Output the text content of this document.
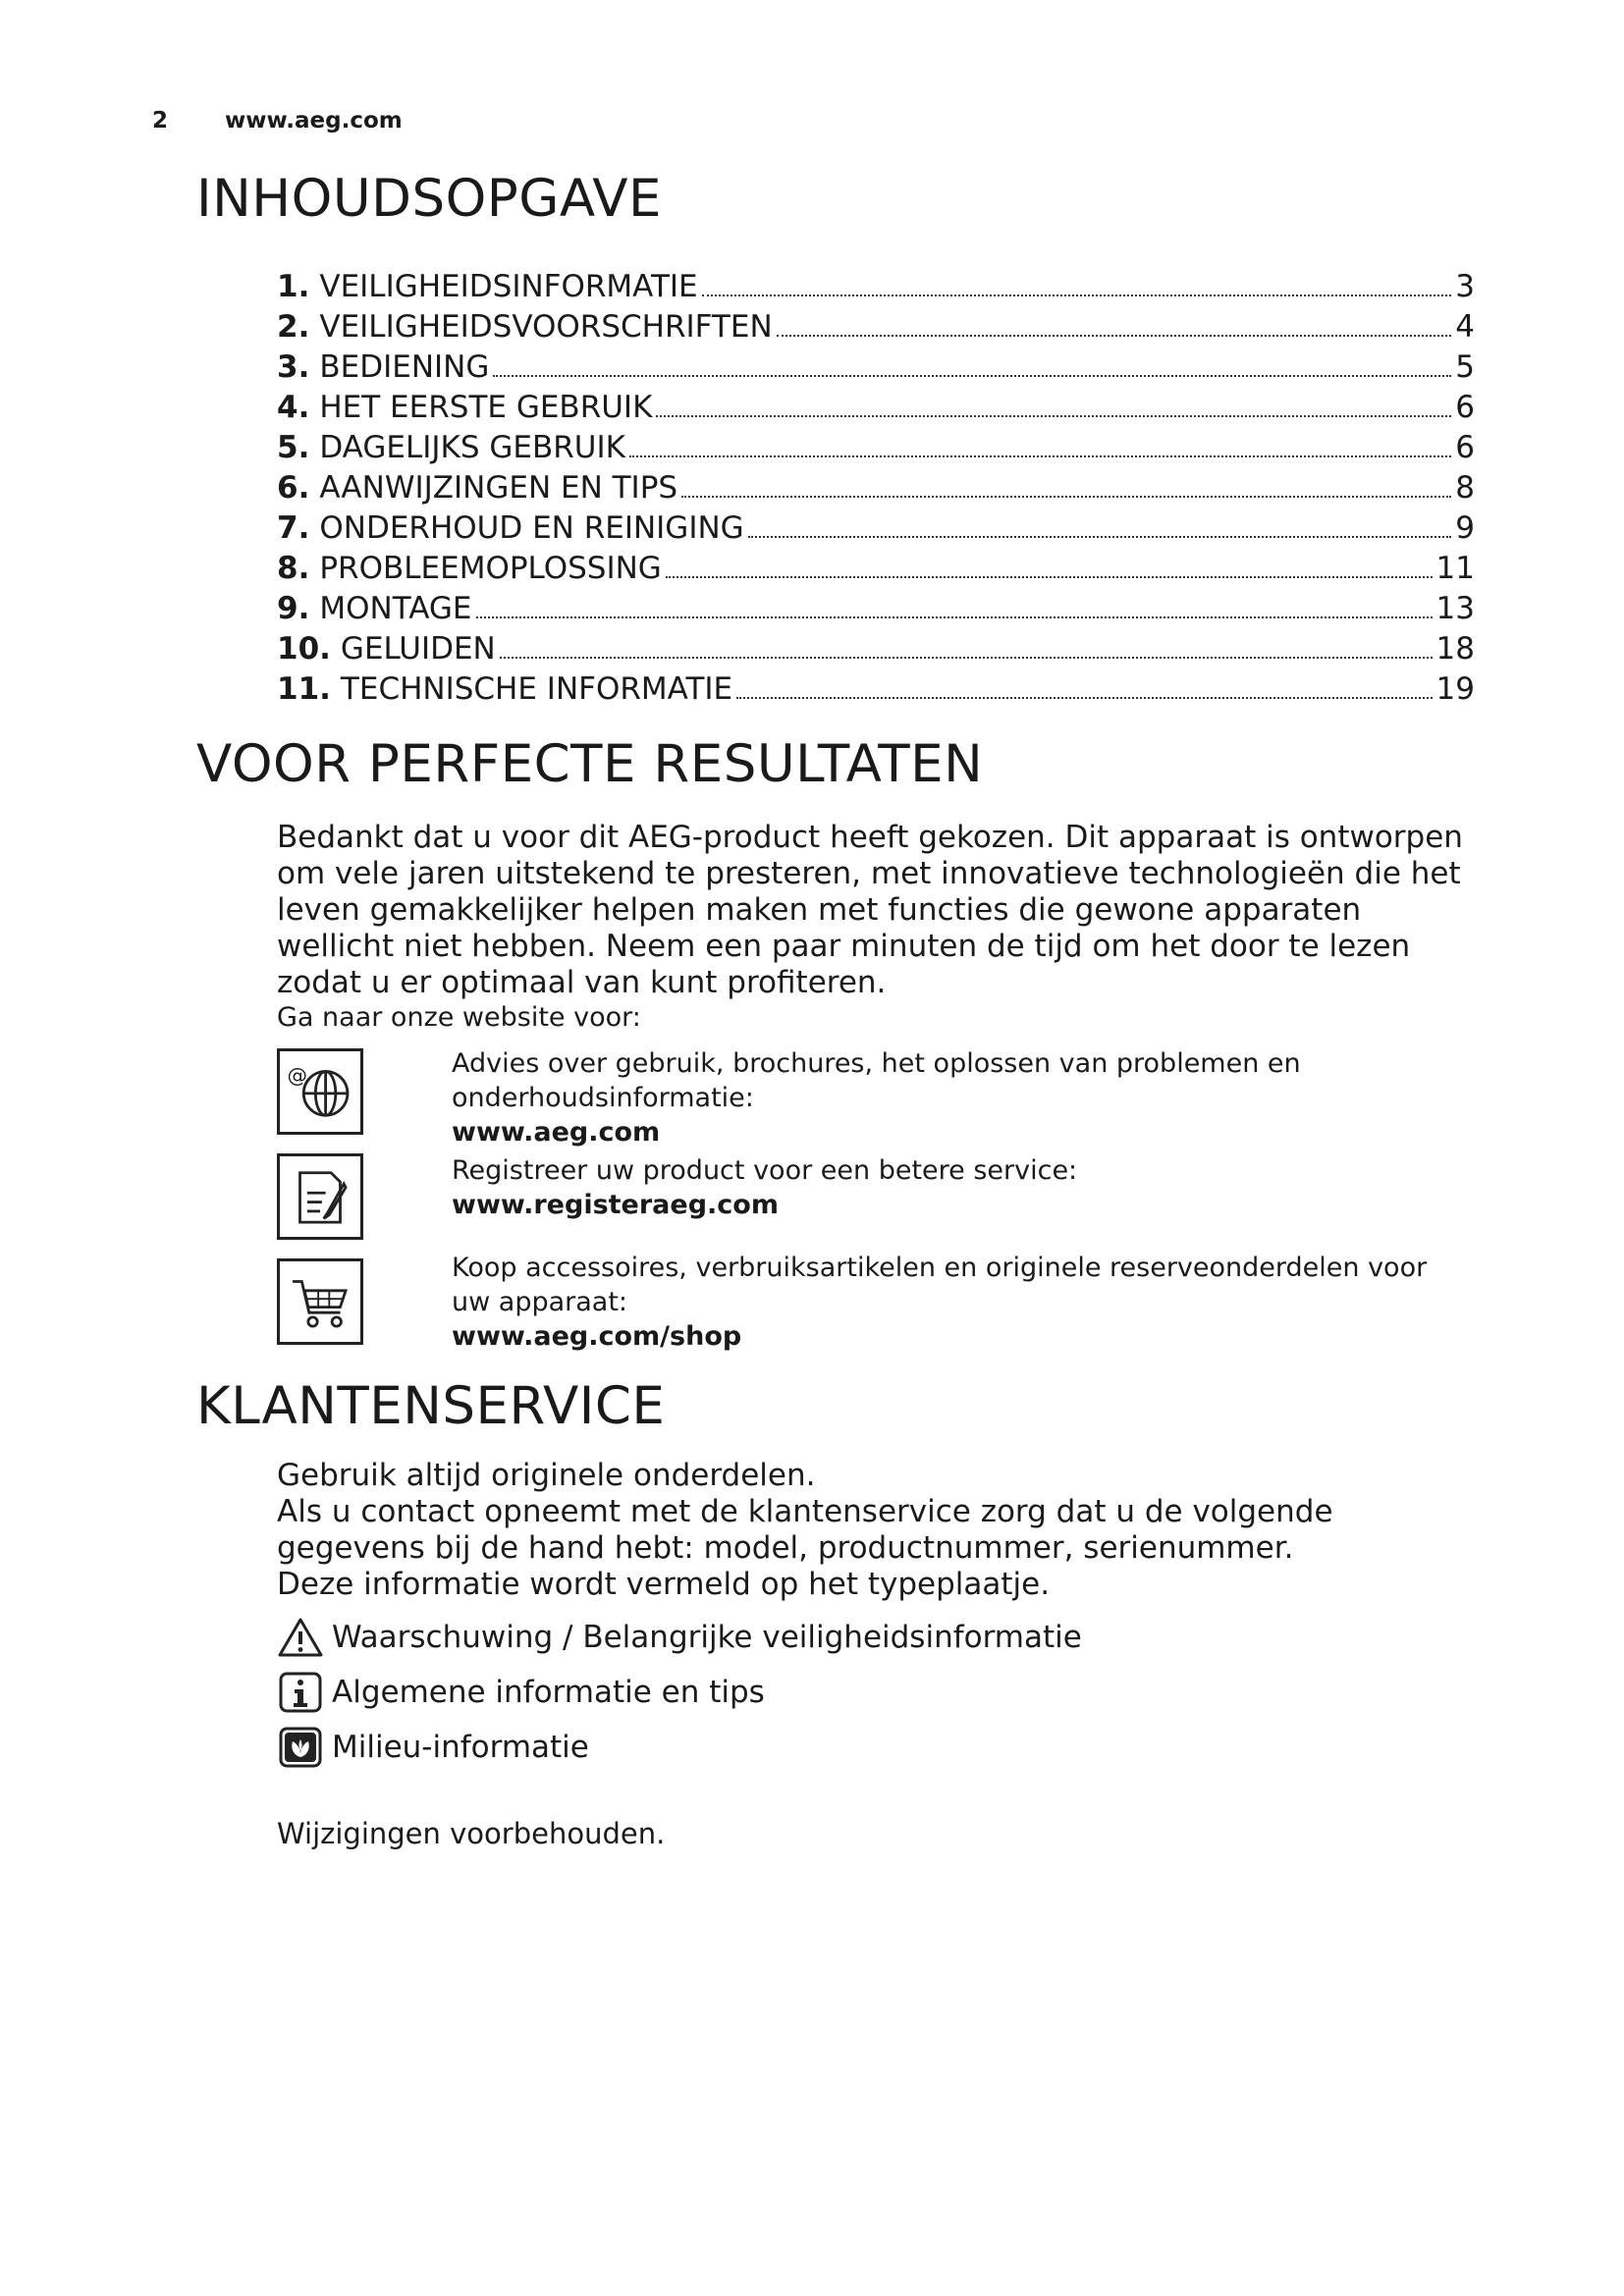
2	www.aeg.com
INHOUDSOPGAVE
1. VEILIGHEIDSINFORMATIE	3
2. VEILIGHEIDSVOORSCHRIFTEN	4
3. BEDIENING	5
4. HET EERSTE GEBRUIK	6
5. DAGELIJKS GEBRUIK	6
6. AANWIJZINGEN EN TIPS	8
7. ONDERHOUD EN REINIGING	9
8. PROBLEEMOPLOSSING	11
9. MONTAGE	13
10. GELUIDEN	18
11. TECHNISCHE INFORMATIE	19
VOOR PERFECTE RESULTATEN

Bedankt dat u voor dit AEG-product heeft gekozen. Dit apparaat is ontworpen om vele jaren uitstekend te presteren, met innovatieve technologieën die het leven gemakkelijker helpen maken met functies die gewone apparaten wellicht niet hebben. Neem een paar minuten de tijd om het door te lezen zodat u er optimaal van kunt profiteren.

Ga naar onze website voor:
@	Advies over gebruik, brochures, het oplossen van problemen en onderhoudsinformatie:
www.aeg.com
Registreer uw product voor een betere service:
www.registeraeg.com
Koop accessoires, verbruiksartikelen en originele reserveonderdelen voor uw apparaat:
www.aeg.com/shop
KLANTENSERVICE
Gebruik altijd originele onderdelen.
Als u contact opneemt met de klantenservice zorg dat u de volgende gegevens bij de hand hebt: model, productnummer, serienummer.
Deze informatie wordt vermeld op het typeplaatje.
Waarschuwing / Belangrijke veiligheidsinformatie
Algemene informatie en tips
Milieu-informatie
Wijzigingen voorbehouden.
